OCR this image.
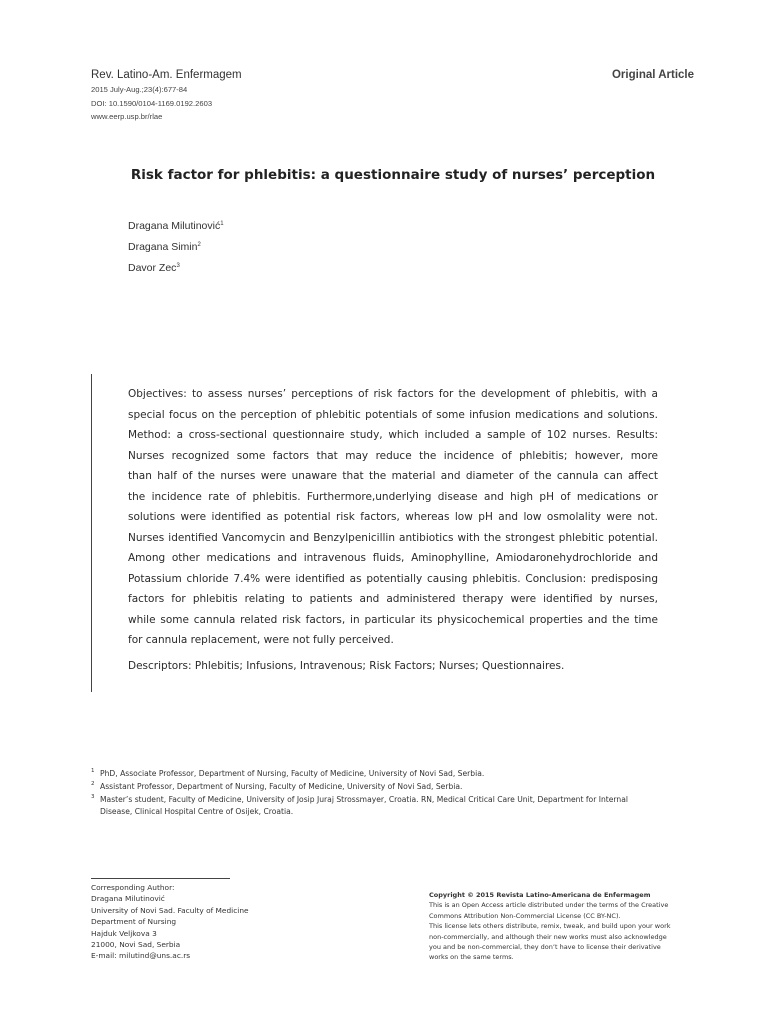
Rev. Latino-Am. Enfermagem
2015 July-Aug.;23(4):677-84
DOI: 10.1590/0104-1169.0192.2603
www.eerp.usp.br/rlae
Original Article
Risk factor for phlebitis: a questionnaire study of nurses’ perception
Dragana Milutinović$^1$
Dragana Simin$^2$
Davor Zec$^3$
Objectives: to assess nurses’ perceptions of risk factors for the development of phlebitis, with a
special focus on the perception of phlebitic potentials of some infusion medications and solutions.
Method: a cross-sectional questionnaire study, which included a sample of 102 nurses. Results:
Nurses recognized some factors that may reduce the incidence of phlebitis; however, more
than half of the nurses were unaware that the material and diameter of the cannula can affect
the incidence rate of phlebitis. Furthermore,underlying disease and high pH of medications or
solutions were identified as potential risk factors, whereas low pH and low osmolality were not.
Nurses identified Vancomycin and Benzylpenicillin antibiotics with the strongest phlebitic potential.
Among other medications and intravenous fluids, Aminophylline, Amiodaronehydrochloride and
Potassium chloride 7.4% were identified as potentially causing phlebitis. Conclusion: predisposing
factors for phlebitis relating to patients and administered therapy were identified by nurses,
while some cannula related risk factors, in particular its physicochemical properties and the time
for cannula replacement, were not fully perceived.
Descriptors: Phlebitis; Infusions, Intravenous; Risk Factors; Nurses; Questionnaires.
1 PhD, Associate Professor, Department of Nursing, Faculty of Medicine, University of Novi Sad, Serbia.
2 Assistant Professor, Department of Nursing, Faculty of Medicine, University of Novi Sad, Serbia.
3 Master’s student, Faculty of Medicine, University of Josip Juraj Strossmayer, Croatia. RN, Medical Critical Care Unit, Department for Internal
Disease, Clinical Hospital Centre of Osijek, Croatia.
Corresponding Author:
Dragana Milutinović
University of Novi Sad. Faculty of Medicine
Department of Nursing
Hajduk Veljkova 3
21000, Novi Sad, Serbia
E-mail: milutind@uns.ac.rs
Copyright © 2015 Revista Latino-Americana de Enfermagem
This is an Open Access article distributed under the terms of the Creative
Commons Attribution Non-Commercial License (CC BY-NC).
This license lets others distribute, remix, tweak, and build upon your work
non-commercially, and although their new works must also acknowledge
you and be non-commercial, they don’t have to license their derivative
works on the same terms.
